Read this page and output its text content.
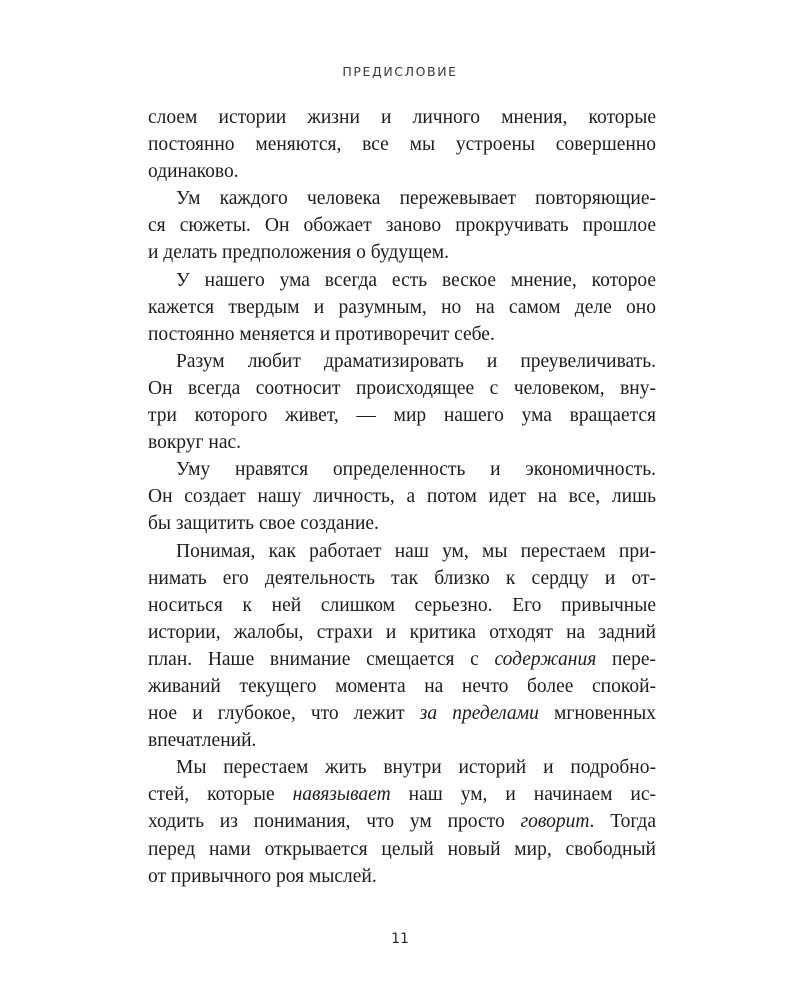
ПРЕДИСЛОВИЕ

слоем истории жизни и личного мнения, которые
постоянно меняются, все мы устроены совершенно
одинаково.

Ум каждого человека пережевывает повторяющие-
ся сюжеты. Он обожает заново прокручивать прошлое
и делать предположения о будущем.

У нашего ума всегда есть веское мнение, которое
кажется твердым и разумным, но на самом деле оно
постоянно меняется и противоречит себе.

Разум любит драматизировать и преувеличивать.
Он всегда соотносит происходящее с человеком, вну-
три которого живет, — мир нашего ума вращается
вокруг нас.

Уму нравятся определенность и экономичность.
Он создает нашу личность, а потом идет на все, лишь
бы защитить свое создание.

Понимая, как работает наш ум, мы перестаем при-
нимать его деятельность так близко к сердцу и от-
носиться к ней слишком серьезно. Его привычные
истории, жалобы, страхи и критика отходят на задний
план. Наше внимание смещается с содержания пере-
живаний текущего момента на нечто более спокой-
ное и глубокое, что лежит за пределами мгновенных
впечатлений.

Мы перестаем жить внутри историй и подробно-
стей, которые навязывает наш ум, и начинаем ис-
ходить из понимания, что ум просто говорит. Тогда
перед нами открывается целый новый мир, свободный
от привычного роя мыслей.

11
